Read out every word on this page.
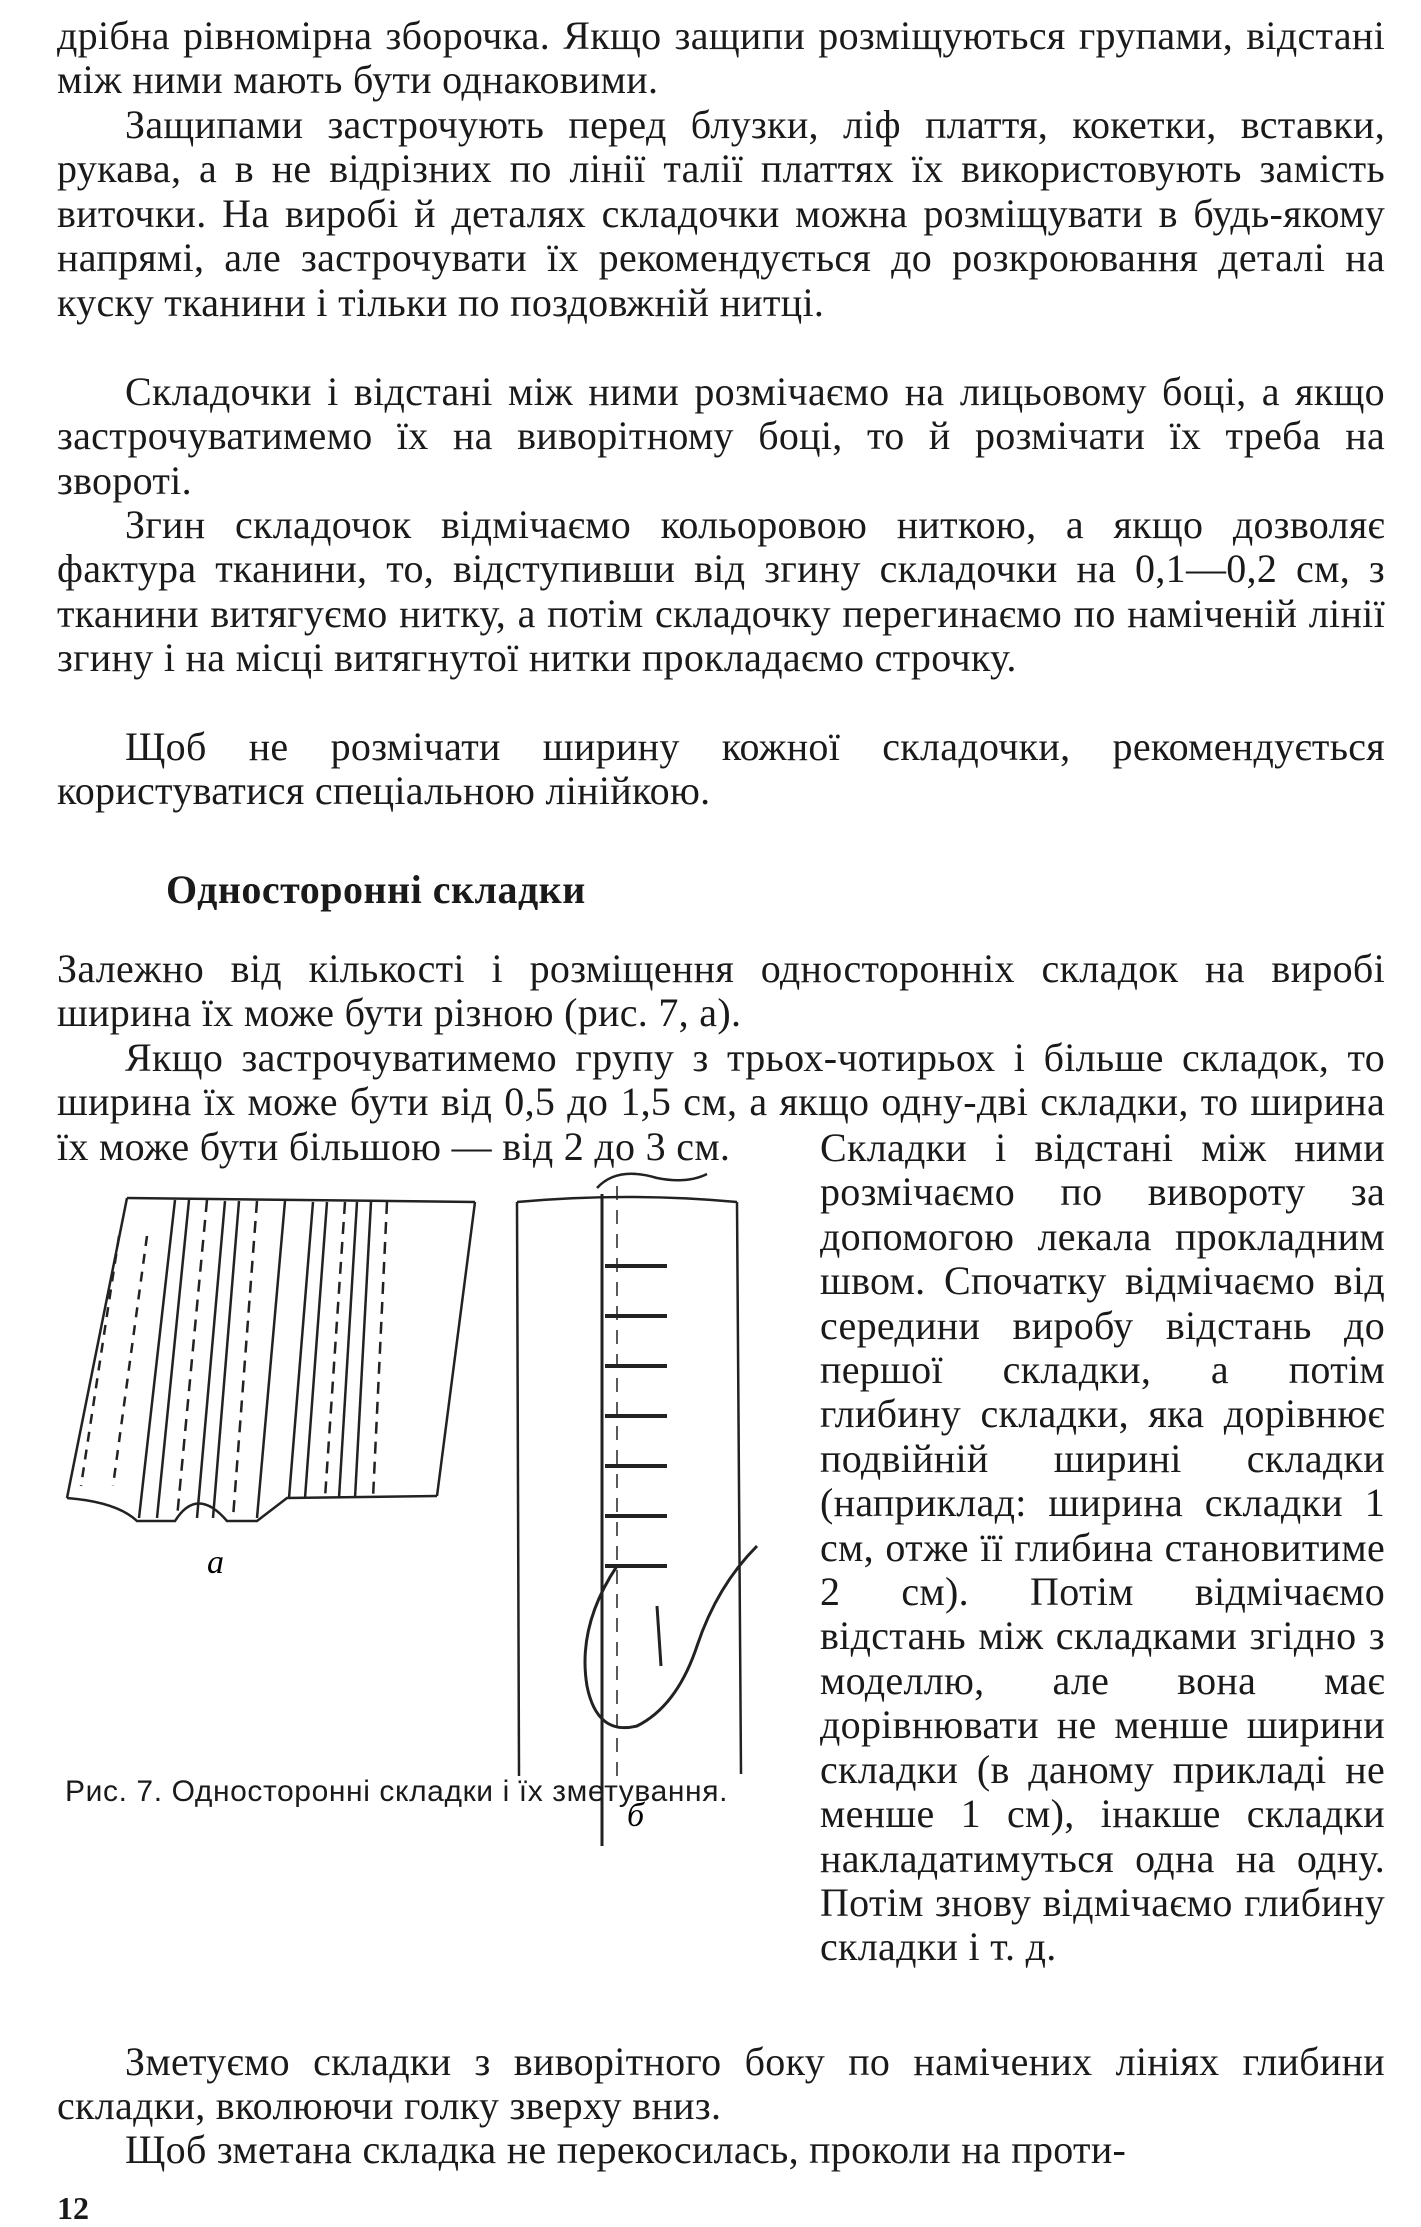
дрібна рівномірна зборочка. Якщо защипи розміщуються групами, відстані між ними мають бути однаковими.

Защипами застрочують перед блузки, ліф плаття, кокетки, вставки, рукава, а в не відрізних по лінії талії платтях їх використовують замість виточки. На виробі й деталях складочки можна розміщувати в будь-якому напрямі, але застрочувати їх рекомендується до розкроювання деталі на куску тканини і тільки по поздовжній нитці.

Складочки і відстані між ними розмічаємо на лицьовому боці, а якщо застрочуватимемо їх на виворітному боці, то й розмічати їх треба на звороті.

Згин складочок відмічаємо кольоровою ниткою, а якщо дозволяє фактура тканини, то, відступивши від згину складочки на 0,1—0,2 см, з тканини витягуємо нитку, а потім складочку перегинаємо по наміченій лінії згину і на місці витягнутої нитки прокладаємо строчку.

Щоб не розмічати ширину кожної складочки, рекомендується користуватися спеціальною лінійкою.

Односторонні складки

Залежно від кількості і розміщення односторонніх складок на виробі ширина їх може бути різною (рис. 7, а).

Якщо застрочуватимемо групу з трьох-чотирьох і більше складок, то ширина їх може бути від 0,5 до 1,5 см, а якщо одну-дві складки, то ширина їх може бути більшою — від 2 до 3 см.

а
б
Рис. 7. Односторонні складки і їх зметування.

Складки і відстані між ними розмічаємо по вивороту за допомогою лекала прокладним швом. Спочатку відмічаємо від середини виробу відстань до першої складки, а потім глибину складки, яка дорівнює подвійній ширині складки (наприклад: ширина складки 1 см, отже її глибина становитиме 2 см). Потім відмічаємо відстань між складками згідно з моделлю, але вона має дорівнювати не менше ширини складки (в даному прикладі не менше 1 см), інакше складки накладатимуться одна на одну. Потім знову відмічаємо глибину складки і т. д.

Зметуємо складки з виворітного боку по намічених лініях глибини складки, вколюючи голку зверху вниз.

Щоб зметана складка не перекосилась, проколи на проти-

12
